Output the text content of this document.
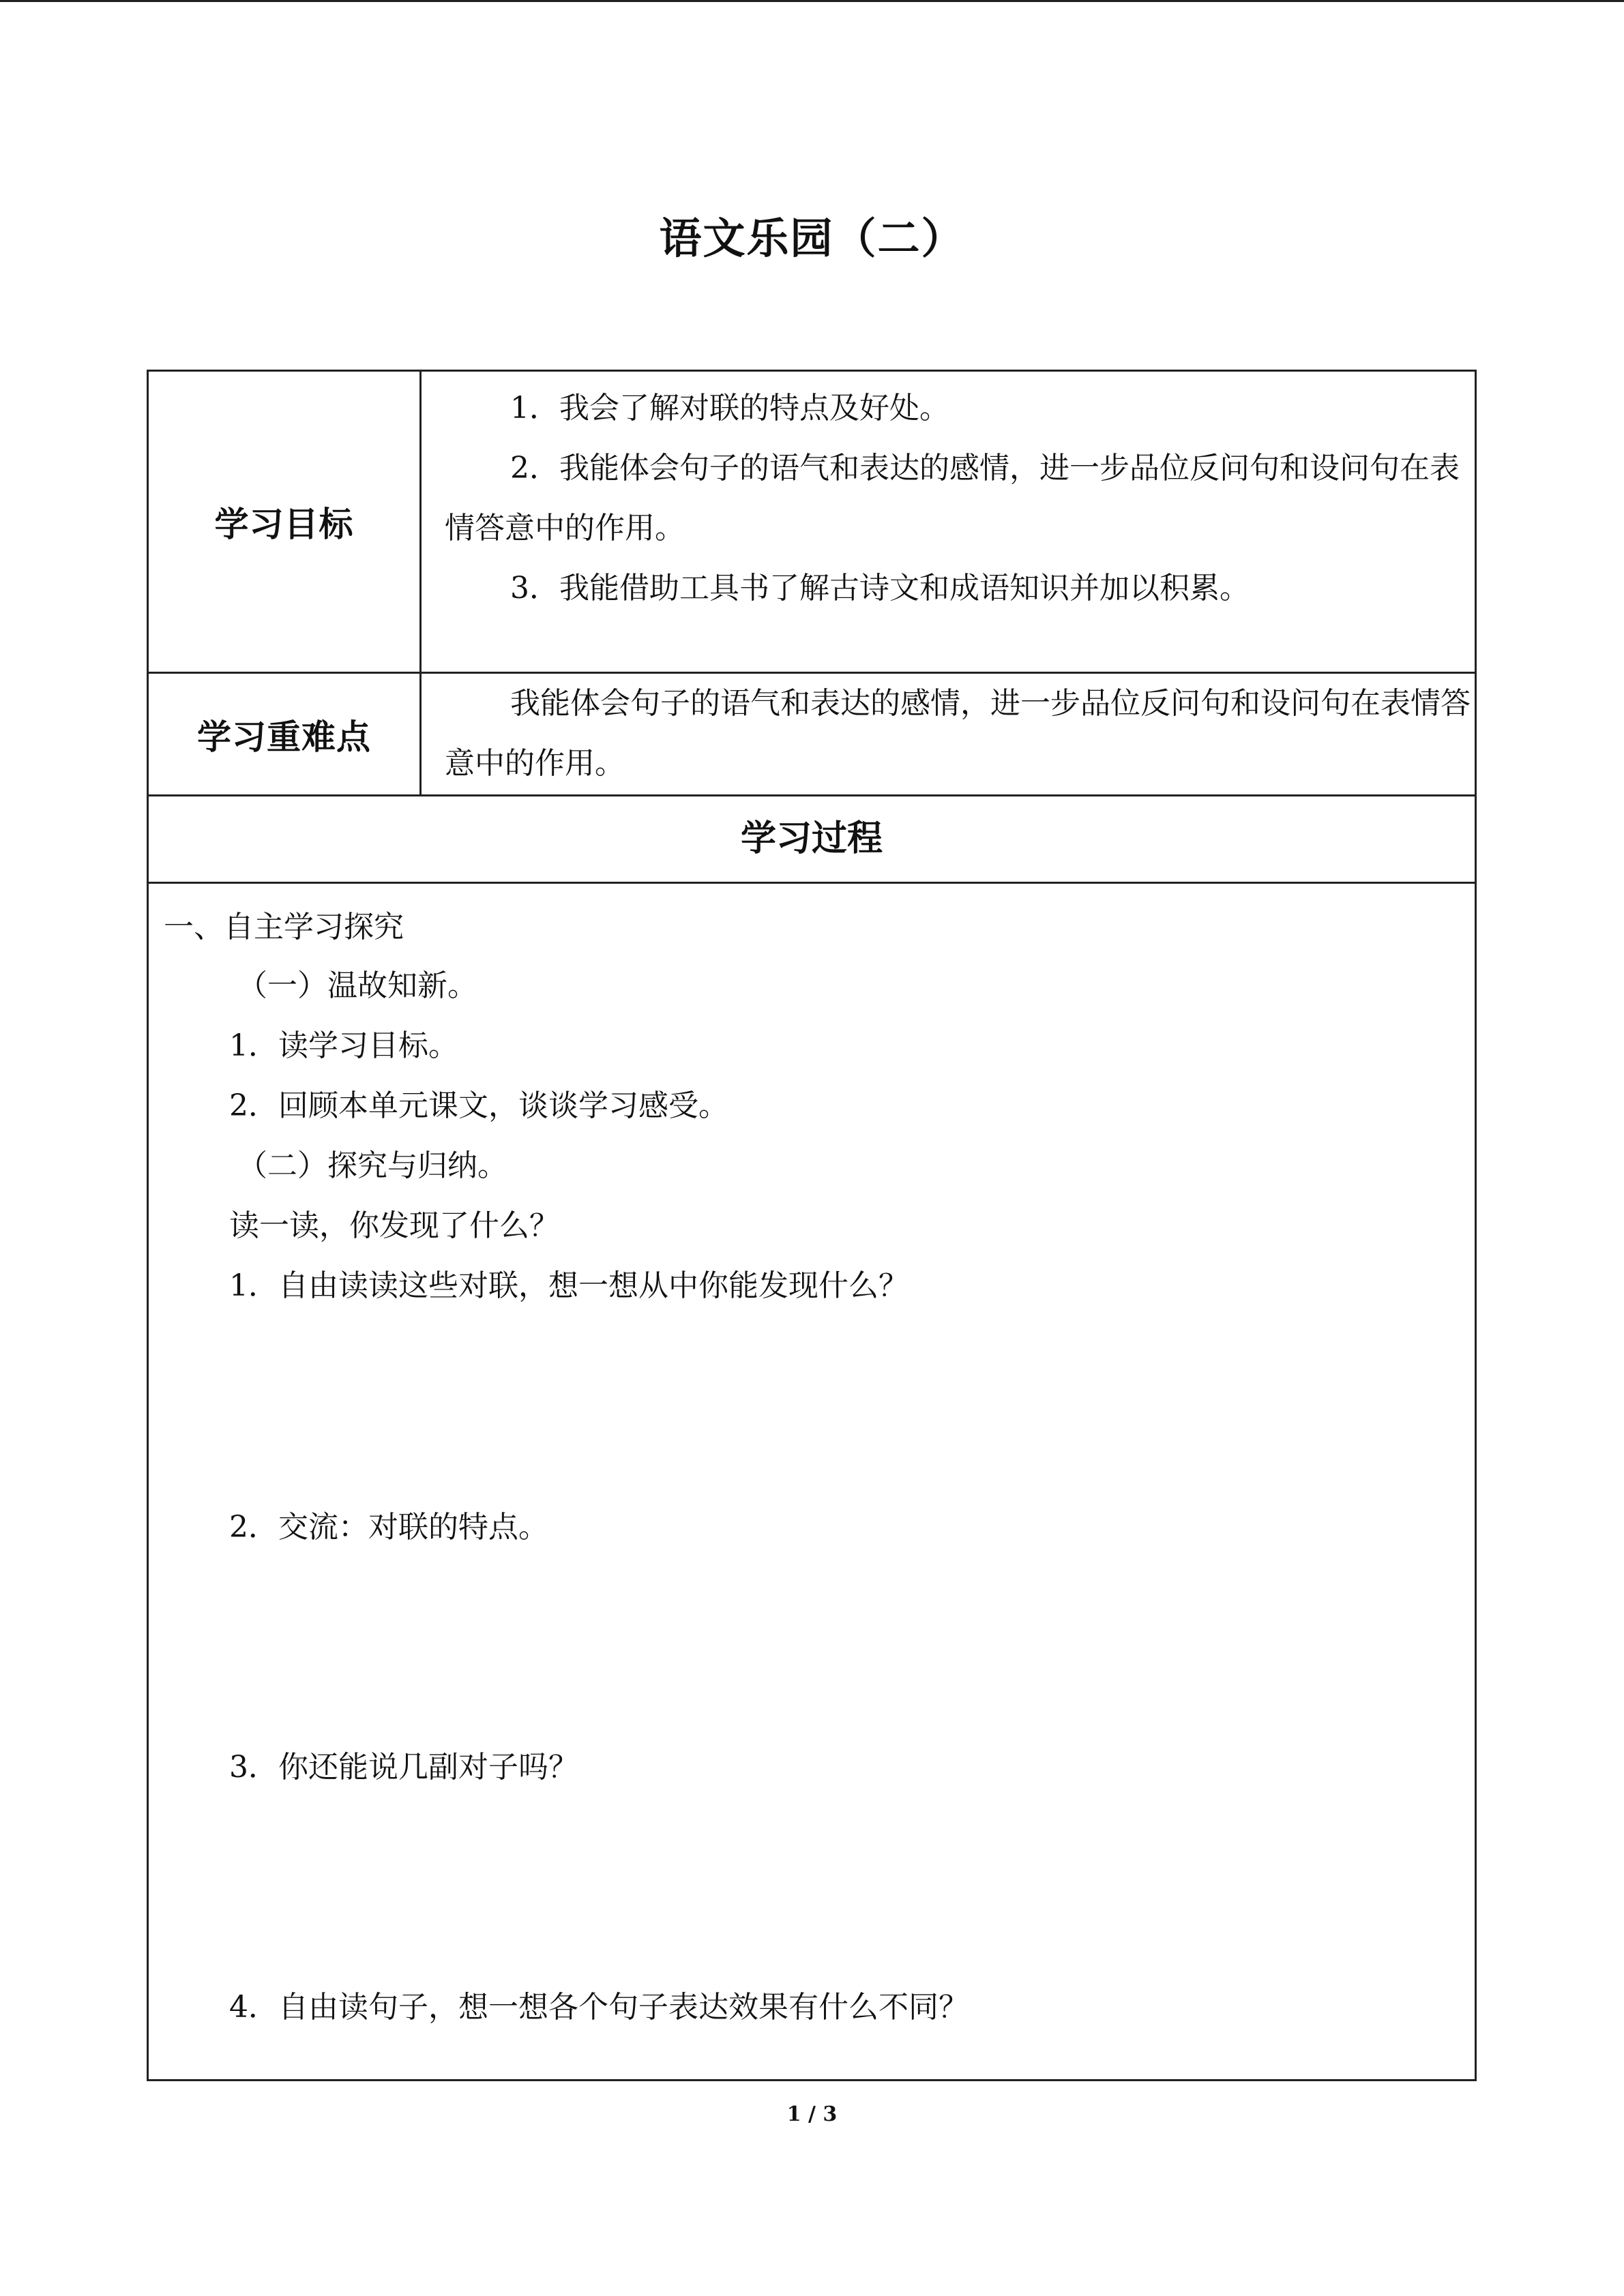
语文乐园（二）
学习目标

1．我会了解对联的特点及好处。

2．我能体会句子的语气和表达的感情，进一步品位反问句和设问句在表情答意中的作用。

3．我能借助工具书了解古诗文和成语知识并加以积累。

学习重难点

我能体会句子的语气和表达的感情，进一步品位反问句和设问句在表情答意中的作用。

学习过程
一、自主学习探究
（一）温故知新。
1．读学习目标。
2．回顾本单元课文，谈谈学习感受。
（二）探究与归纳。
读一读，你发现了什么？
1．自由读读这些对联，想一想从中你能发现什么？
2．交流：对联的特点。
3．你还能说几副对子吗？
4．自由读句子，想一想各个句子表达效果有什么不同？
1 / 3
